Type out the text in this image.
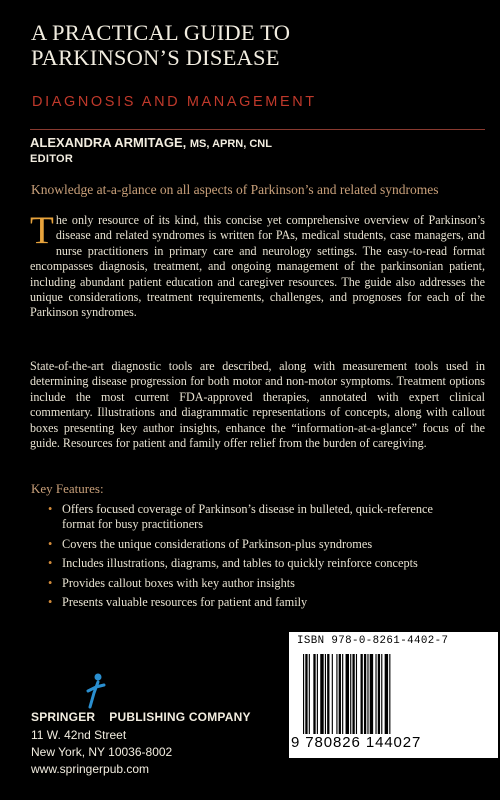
A PRACTICAL GUIDE TO
PARKINSON’S DISEASE
DIAGNOSIS AND MANAGEMENT
ALEXANDRA ARMITAGE, MS, APRN, CNL
EDITOR
Knowledge at-a-glance on all aspects of Parkinson’s and related syndromes
The only resource of its kind, this concise yet comprehensive overview of Parkinson’s disease and related syndromes is written for PAs, medical students, case managers, and nurse practitioners in primary care and neurology settings. The easy-to-read format encompasses diagnosis, treatment, and ongoing management of the parkinsonian patient, including abundant patient education and caregiver resources. The guide also addresses the unique considerations, treatment requirements, challenges, and prognoses for each of the Parkinson syndromes.
State-of-the-art diagnostic tools are described, along with measurement tools used in determining disease progression for both motor and non-motor symptoms. Treatment options include the most current FDA-approved therapies, annotated with expert clinical commentary. Illustrations and diagrammatic representations of concepts, along with callout boxes presenting key author insights, enhance the “information-at-a-glance” focus of the guide. Resources for patient and family offer relief from the burden of caregiving.
Key Features:
• Offers focused coverage of Parkinson’s disease in bulleted, quick-reference format for busy practitioners
• Covers the unique considerations of Parkinson-plus syndromes
• Includes illustrations, diagrams, and tables to quickly reinforce concepts
• Provides callout boxes with key author insights
• Presents valuable resources for patient and family
ISBN 978-0-8261-4402-7
9 780826 144027
SPRINGER PUBLISHING COMPANY
11 W. 42nd Street
New York, NY 10036-8002
www.springerpub.com
